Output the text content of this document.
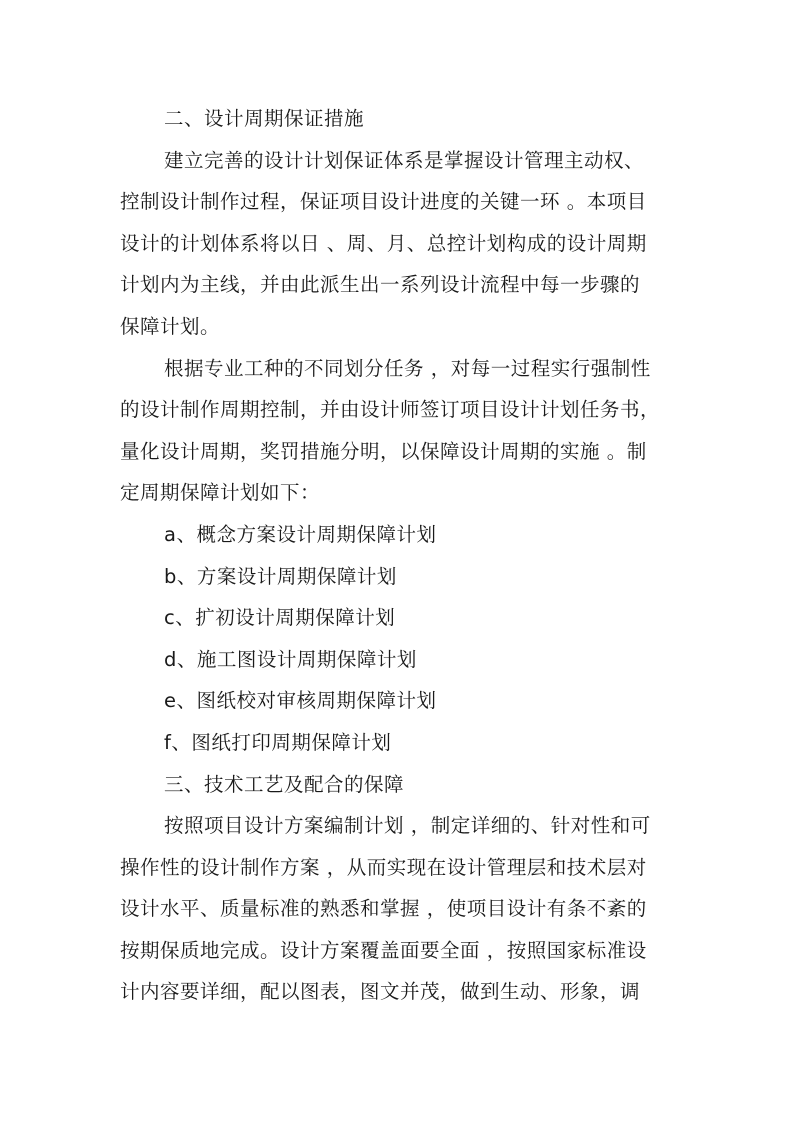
二、设计周期保证措施
建立完善的设计计划保证体系是掌握设计管理主动权、
控制设计制作过程，保证项目设计进度的关键一环 。本项目
设计的计划体系将以日 、周、月、总控计划构成的设计周期
计划内为主线，并由此派生出一系列设计流程中每一步骤的
保障计划。
根据专业工种的不同划分任务 ，对每一过程实行强制性
的设计制作周期控制，并由设计师签订项目设计计划任务书，
量化设计周期，奖罚措施分明，以保障设计周期的实施 。制
定周期保障计划如下：
a、概念方案设计周期保障计划
b、方案设计周期保障计划
c、扩初设计周期保障计划
d、施工图设计周期保障计划
e、图纸校对审核周期保障计划
f、图纸打印周期保障计划
三、技术工艺及配合的保障
按照项目设计方案编制计划 ，制定详细的、针对性和可
操作性的设计制作方案 ，从而实现在设计管理层和技术层对
设计水平、质量标准的熟悉和掌握 ，使项目设计有条不紊的
按期保质地完成。设计方案覆盖面要全面 ，按照国家标准设
计内容要详细，配以图表，图文并茂，做到生动、形象，调
